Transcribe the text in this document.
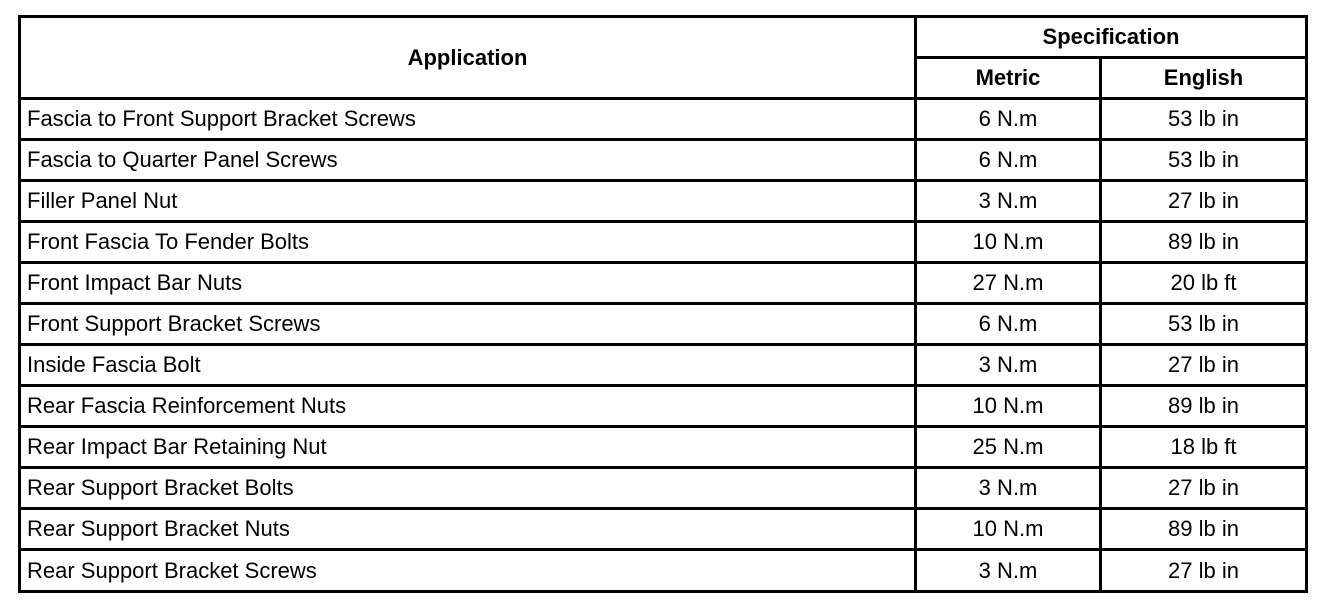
Application	Specification	
	Metric	English
Fascia to Front Support Bracket Screws	6 N.m	53 lb in
Fascia to Quarter Panel Screws	6 N.m	53 lb in
Filler Panel Nut	3 N.m	27 lb in
Front Fascia To Fender Bolts	10 N.m	89 lb in
Front Impact Bar Nuts	27 N.m	20 lb ft
Front Support Bracket Screws	6 N.m	53 lb in
Inside Fascia Bolt	3 N.m	27 lb in
Rear Fascia Reinforcement Nuts	10 N.m	89 lb in
Rear Impact Bar Retaining Nut	25 N.m	18 lb ft
Rear Support Bracket Bolts	3 N.m	27 lb in
Rear Support Bracket Nuts	10 N.m	89 lb in
Rear Support Bracket Screws	3 N.m	27 lb in
